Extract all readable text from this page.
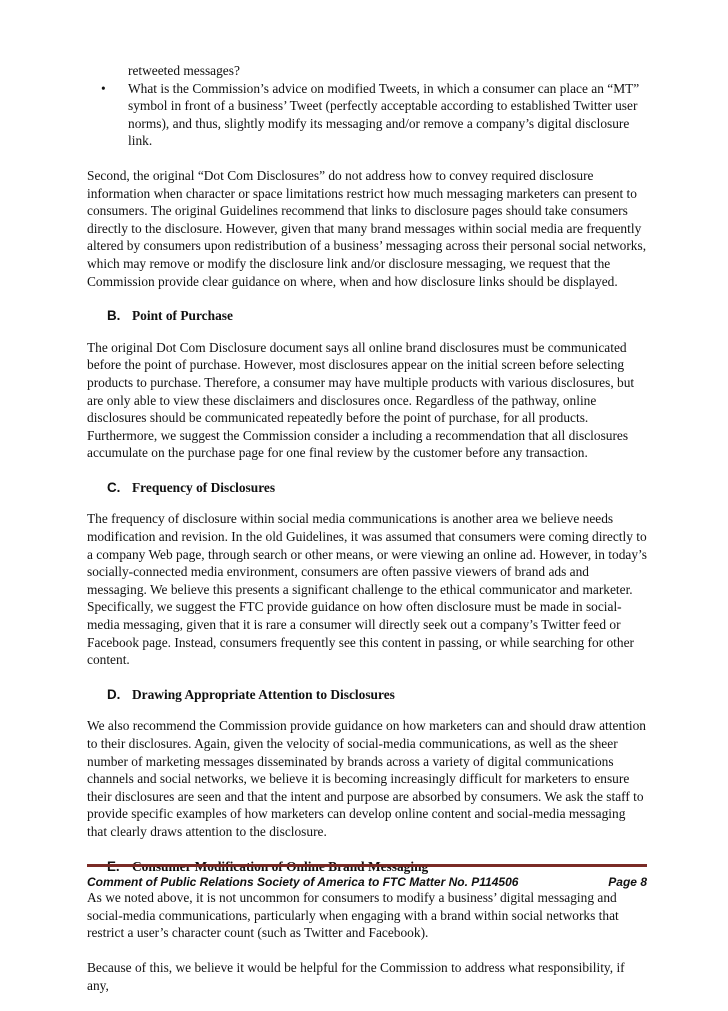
retweeted messages?
• What is the Commission’s advice on modified Tweets, in which a consumer can place an “MT” symbol in front of a business’ Tweet (perfectly acceptable according to established Twitter user norms), and thus, slightly modify its messaging and/or remove a company’s digital disclosure link.

Second, the original “Dot Com Disclosures” do not address how to convey required disclosure information when character or space limitations restrict how much messaging marketers can present to consumers. The original Guidelines recommend that links to disclosure pages should take consumers directly to the disclosure. However, given that many brand messages within social media are frequently altered by consumers upon redistribution of a business’ messaging across their personal social networks, which may remove or modify the disclosure link and/or disclosure messaging, we request that the Commission provide clear guidance on where, when and how disclosure links should be displayed.

B. Point of Purchase

The original Dot Com Disclosure document says all online brand disclosures must be communicated before the point of purchase. However, most disclosures appear on the initial screen before selecting products to purchase. Therefore, a consumer may have multiple products with various disclosures, but are only able to view these disclaimers and disclosures once. Regardless of the pathway, online disclosures should be communicated repeatedly before the point of purchase, for all products. Furthermore, we suggest the Commission consider a including a recommendation that all disclosures accumulate on the purchase page for one final review by the customer before any transaction.

C. Frequency of Disclosures

The frequency of disclosure within social media communications is another area we believe needs modification and revision. In the old Guidelines, it was assumed that consumers were coming directly to a company Web page, through search or other means, or were viewing an online ad. However, in today’s socially-connected media environment, consumers are often passive viewers of brand ads and messaging. We believe this presents a significant challenge to the ethical communicator and marketer. Specifically, we suggest the FTC provide guidance on how often disclosure must be made in social-media messaging, given that it is rare a consumer will directly seek out a company’s Twitter feed or Facebook page. Instead, consumers frequently see this content in passing, or while searching for other content.

D. Drawing Appropriate Attention to Disclosures

We also recommend the Commission provide guidance on how marketers can and should draw attention to their disclosures. Again, given the velocity of social-media communications, as well as the sheer number of marketing messages disseminated by brands across a variety of digital communications channels and social networks, we believe it is becoming increasingly difficult for marketers to ensure their disclosures are seen and that the intent and purpose are absorbed by consumers. We ask the staff to provide specific examples of how marketers can develop online content and social-media messaging that clearly draws attention to the disclosure.

E. Consumer Modification of Online Brand Messaging

As we noted above, it is not uncommon for consumers to modify a business’ digital messaging and social-media communications, particularly when engaging with a brand within social networks that restrict a user’s character count (such as Twitter and Facebook).

Because of this, we believe it would be helpful for the Commission to address what responsibility, if any,

Comment of Public Relations Society of America to FTC Matter No. P114506	Page 8
